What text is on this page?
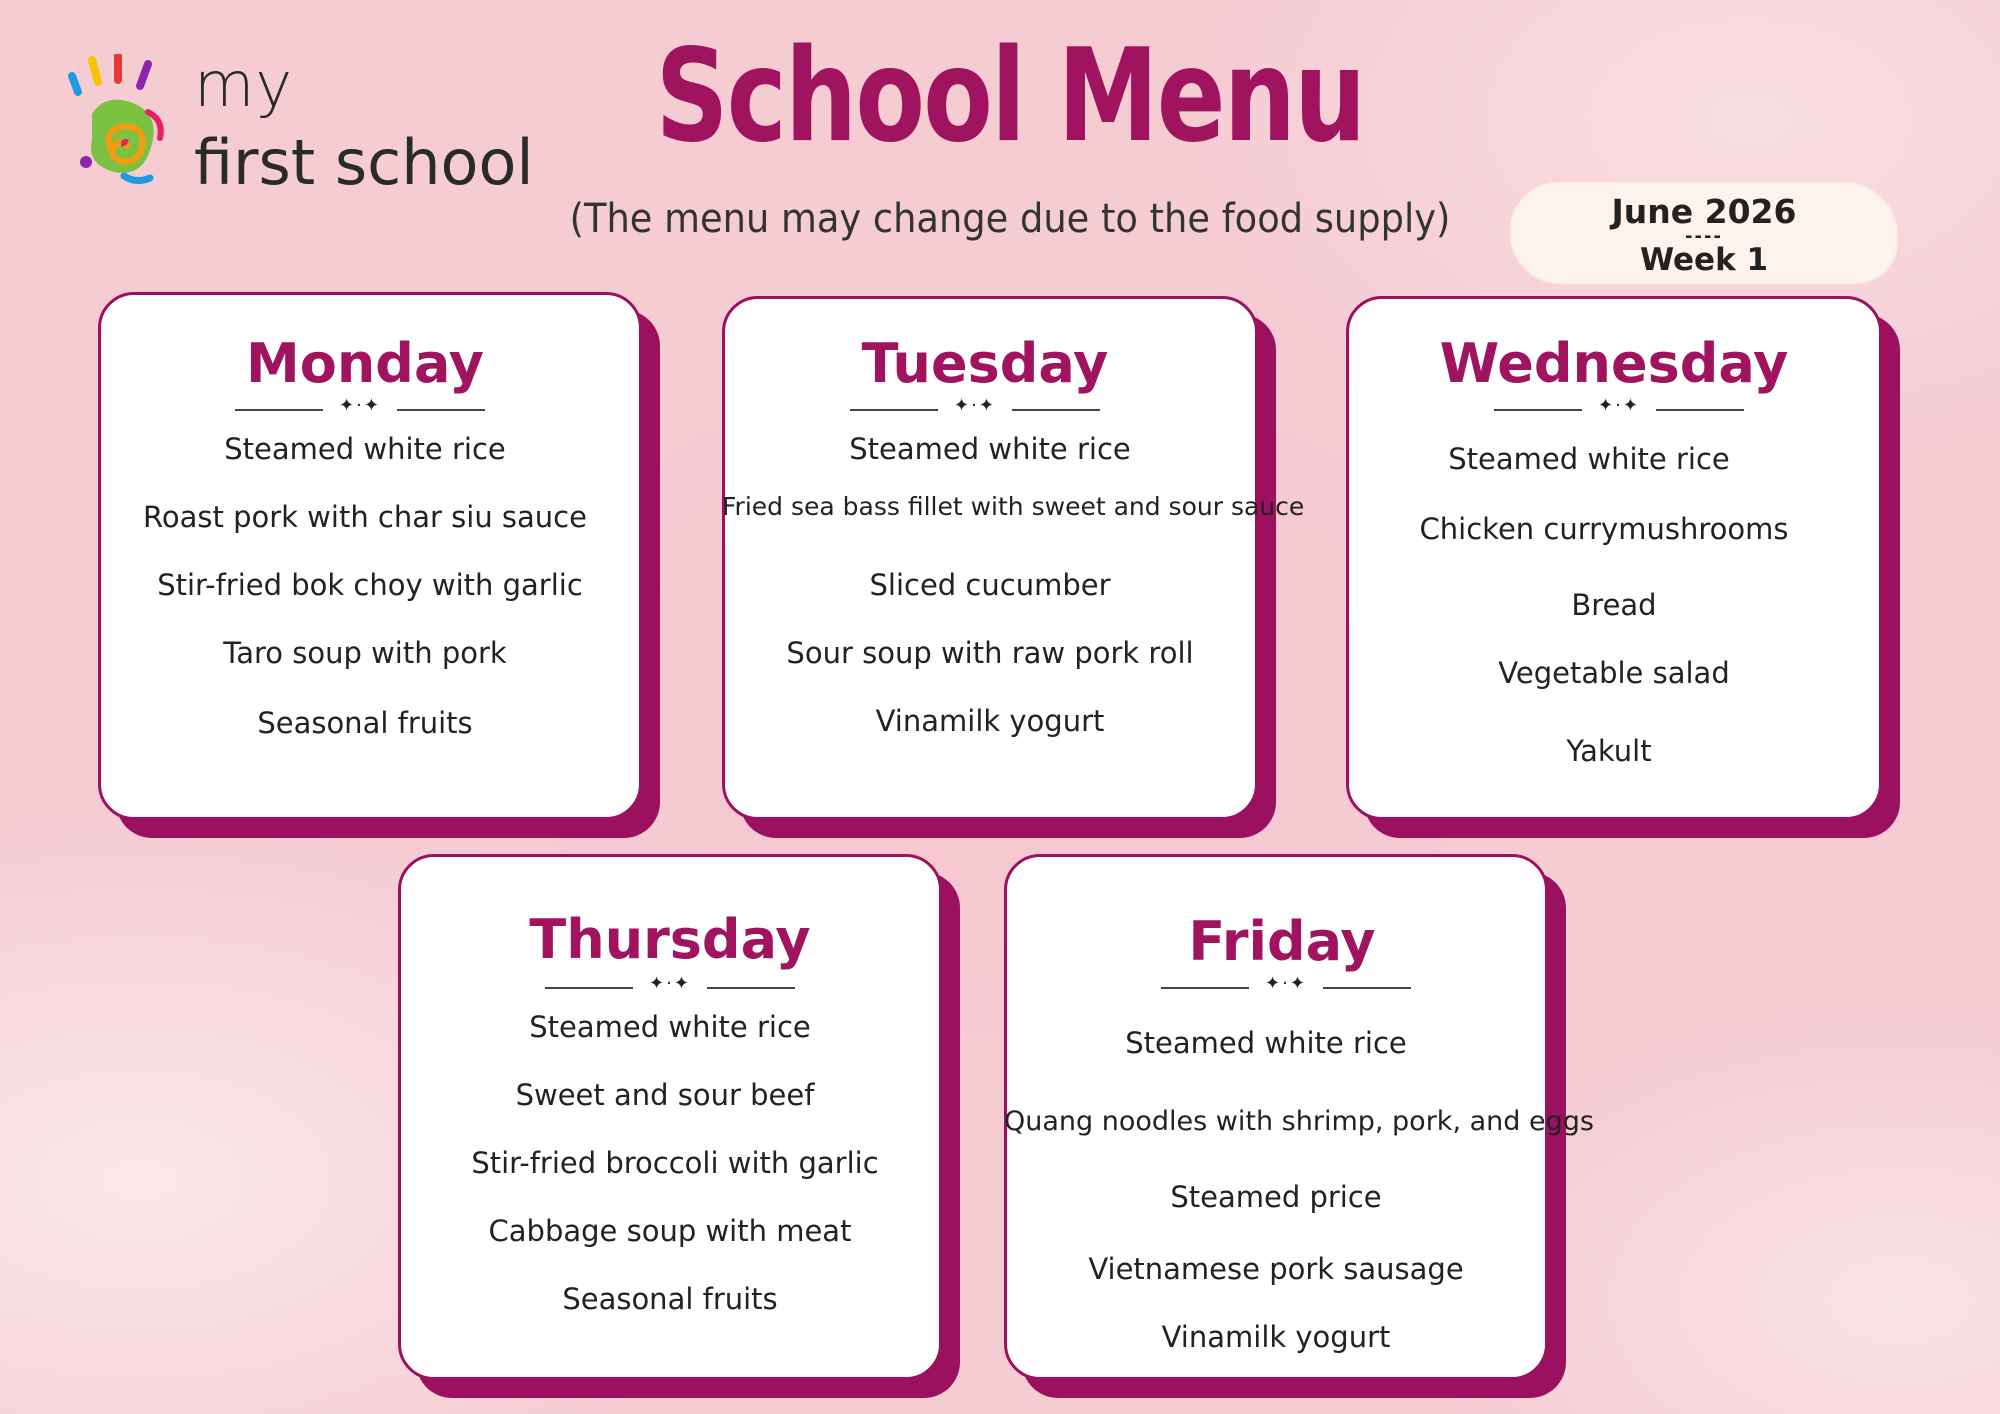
my
first school School Menu
(The menu may change due to the food supply)	June 2026
----
Week 1
Monday
✦·✦
Steamed white rice
Roast pork with char siu sauce
Stir-fried bok choy with garlic
Taro soup with pork
Seasonal fruits
Tuesday
✦·✦
Steamed white rice
Fried sea bass fillet with sweet and sour sauce
Sliced cucumber
Sour soup with raw pork roll
Vinamilk yogurt
Wednesday
✦·✦
Steamed white rice
Chicken currymushrooms
Bread
Vegetable salad
Yakult
Thursday
✦·✦
Steamed white rice
Sweet and sour beef
Stir-fried broccoli with garlic
Cabbage soup with meat
Seasonal fruits
Friday
✦·✦
Steamed white rice
Quang noodles with shrimp, pork, and eggs
Steamed price
Vietnamese pork sausage
Vinamilk yogurt
